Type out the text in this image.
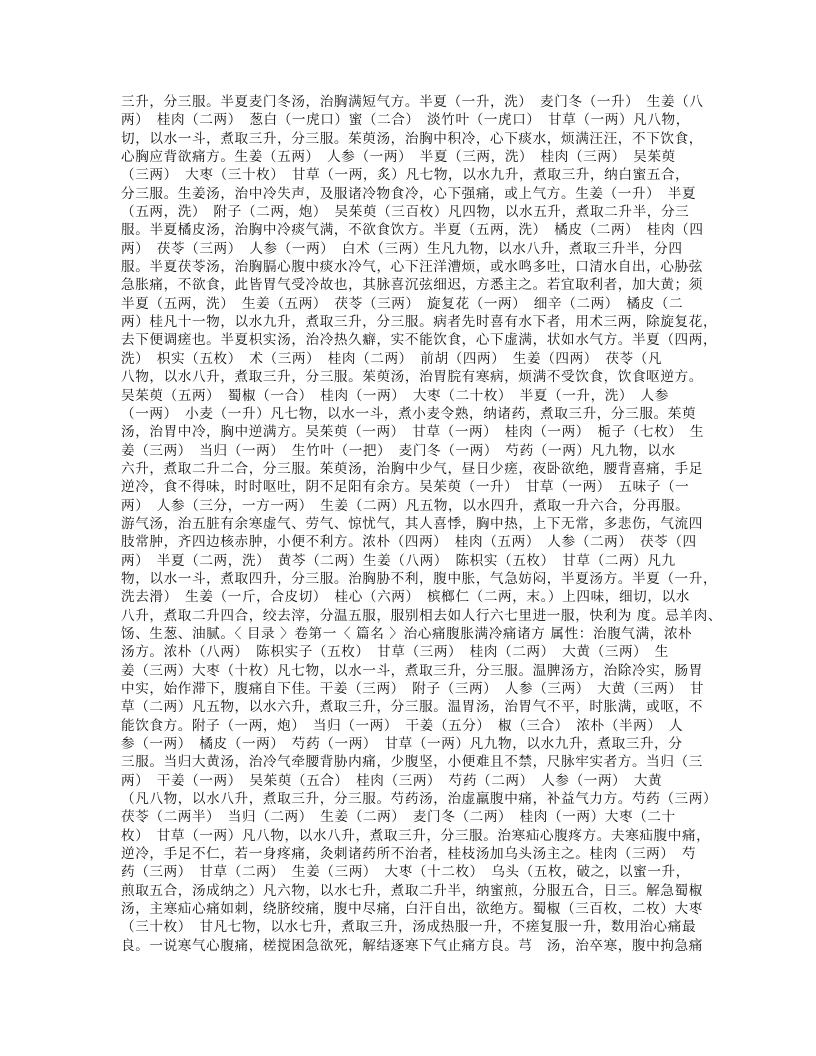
三升，分三服。半夏麦门冬汤，治胸满短气方。半夏（一升，洗）　麦门冬（一升）　生姜（八
两）　桂肉（二两）　葱白（一虎口）蜜（二合）　淡竹叶（一虎口）　甘草（一两）凡八物，
切，以水一斗，煮取三升，分三服。茱萸汤，治胸中积冷，心下痰水，烦满汪汪，不下饮食，
心胸应背欲痛方。生姜（五两）　人参（一两）　半夏（三两，洗）　桂肉（三两）　吴茱萸
（三两）　大枣（三十枚）　甘草（一两，炙）凡七物，以水九升，煮取三升，纳白蜜五合，
分三服。生姜汤，治中冷失声，及服诸冷物食冷，心下强痛，或上气方。生姜（一升）　半夏
（五两，洗）　附子（二两，炮）　吴茱萸（三百枚）凡四物，以水五升，煮取二升半，分三
服。半夏橘皮汤，治胸中冷痰气满，不欲食饮方。半夏（五两，洗）　橘皮（二两）　桂肉（四
两）　茯苓（三两）　人参（一两）　白术（三两）生凡九物，以水八升，煮取三升半，分四
服。半夏茯苓汤，治胸膈心腹中痰水冷气，心下汪洋漕烦，或水鸣多吐，口清水自出，心胁弦
急胀痛，不欲食，此皆胃气受冷故也，其脉喜沉弦细迟，方悉主之。若宜取利者，加大黄；须
半夏（五两，洗）　生姜（五两）　茯苓（三两）　旋复花（一两）　细辛（二两）　橘皮（二
两）桂凡十一物，以水九升，煮取三升，分三服。病者先时喜有水下者，用术三两，除旋复花，
去下便调瘥也。半夏枳实汤，治冷热久癖，实不能饮食，心下虚满，状如水气方。半夏（四两，
洗）　枳实（五枚）　术（三两）　桂肉（二两）　前胡（四两）　生姜（四两）　茯苓（凡
八物，以水八升，煮取三升，分三服。茱萸汤，治胃脘有寒病，烦满不受饮食，饮食呕逆方。
吴茱萸（五两）　蜀椒（一合）　桂肉（一两）　大枣（二十枚）　半夏（一升，洗）　人参
（一两）　小麦（一升）凡七物，以水一斗，煮小麦令熟，纳诸药，煮取三升，分三服。茱萸
汤，治胃中冷，胸中逆满方。吴茱萸（一两）　甘草（一两）　桂肉（一两）　栀子（七枚）　生
姜（三两）　当归（一两）　生竹叶（一把）　麦门冬（一两）　芍药（一两）凡九物，以水
六升，煮取二升二合，分三服。茱萸汤，治胸中少气，昼日少瘥，夜卧欲绝，腰背喜痛，手足
逆冷，食不得味，时时呕吐，阴不足阳有余方。吴茱萸（一升）　甘草（一两）　五味子（一
两）　人参（三分，一方一两）　生姜（二两）凡五物，以水四升，煮取一升六合，分再服。
游气汤，治五脏有余寒虚气、劳气、惊忧气，其人喜悸，胸中热，上下无常，多悲伤，气流四
肢常肿，齐四边核赤肿，小便不利方。浓朴（四两）　桂肉（五两）　人参（二两）　茯苓（四
两）　半夏（二两，洗）　黄芩（二两）生姜（八两）　陈枳实（五枚）　甘草（二两）凡九
物，以水一斗，煮取四升，分三服。治胸胁不利，腹中胀，气急妨闷，半夏汤方。半夏（一升，
洗去滑）　生姜（一斤，合皮切）　桂心（六两）　槟榔仁（二两，末。）上四味，细切，以水
八升，煮取二升四合，绞去滓，分温五服，服别相去如人行六七里进一服，快利为 度。忌羊肉、
饧、生葱、油腻。〈 目录 〉卷第一〈 篇名 〉治心痛腹胀满冷痛诸方 属性：治腹气满，浓朴
汤方。浓朴（八两）　陈枳实子（五枚）　甘草（三两）　桂肉（二两）　大黄（三两）　生
姜（三两）大枣（十枚）凡七物，以水一斗，煮取三升，分三服。温脾汤方，治除冷实，肠胃
中实，始作滞下，腹痛自下佳。干姜（三两）　附子（三两）　人参（三两）　大黄（三两）　甘
草（二两）凡五物，以水六升，煮取三升，分三服。温胃汤，治胃气不平，时胀满，或呕，不
能饮食方。附子（一两，炮）　当归（一两）　干姜（五分）　椒（三合）　浓朴（半两）　人
参（一两）　橘皮（一两）　芍药（一两）　甘草（一两）凡九物，以水九升，煮取三升，分
三服。当归大黄汤，治冷气牵腰背胁内痛，少腹坚，小便难且不禁，尺脉牢实者方。当归（三
两）　干姜（一两）　吴茱萸（五合）　桂肉（三两）　芍药（二两）　人参（一两）　大黄
（凡八物，以水八升，煮取三升，分三服。芍药汤，治虚羸腹中痛，补益气力方。芍药（三两）
茯苓（二两半）　当归（二两）　生姜（二两）　麦门冬（二两）　桂肉（一两）大枣（二十
枚）　甘草（一两）凡八物，以水八升，煮取三升，分三服。治寒疝心腹疼方。夫寒疝腹中痛，
逆冷，手足不仁，若一身疼痛，灸刺诸药所不治者，桂枝汤加乌头汤主之。桂肉（三两）　芍
药（三两）　甘草（二两）　生姜（三两）　大枣（十二枚）　乌头（五枚，破之，以蜜一升，
煎取五合，汤成纳之）凡六物，以水七升，煮取二升半，纳蜜煎，分服五合，日三。解急蜀椒
汤，主寒疝心痛如刺，绕脐绞痛，腹中尽痛，白汗自出，欲绝方。蜀椒（三百枚，二枚）大枣
（三十枚）　甘凡七物，以水七升，煮取三升，汤成热服一升，不瘥复服一升，数用治心痛最
良。一说寒气心腹痛，槎搅困急欲死，解结逐寒下气止痛方良。芎　汤，治卒寒，腹中拘急痛
